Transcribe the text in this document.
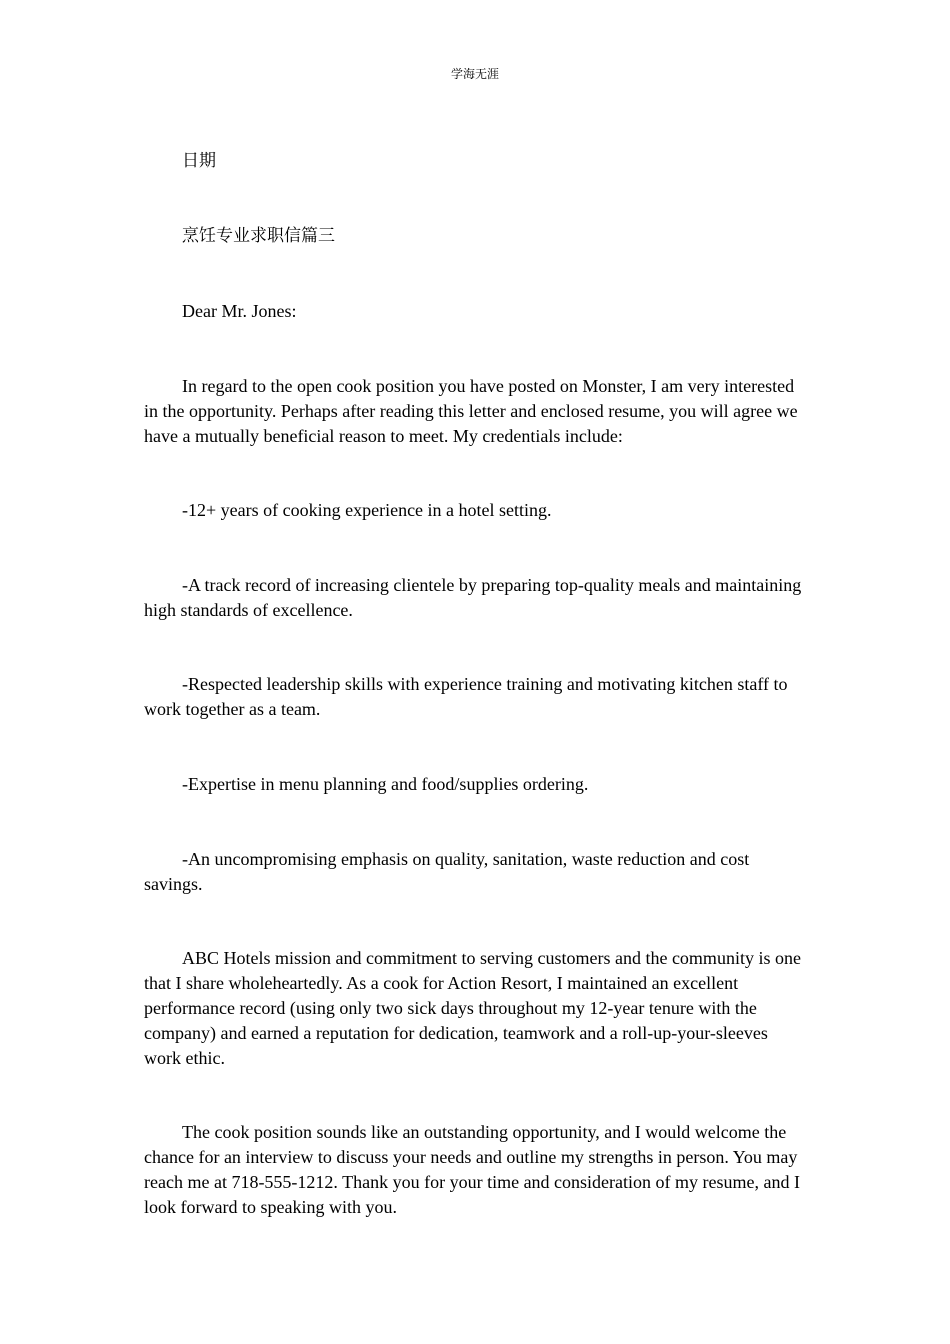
学海无涯

日期

烹饪专业求职信篇三

Dear Mr. Jones:

In regard to the open cook position you have posted on Monster, I am very interested in the opportunity. Perhaps after reading this letter and enclosed resume, you will agree we have a mutually beneficial reason to meet. My credentials include:

-12+ years of cooking experience in a hotel setting.

-A track record of increasing clientele by preparing top-quality meals and maintaining high standards of excellence.

-Respected leadership skills with experience training and motivating kitchen staff to work together as a team.

-Expertise in menu planning and food/supplies ordering.

-An uncompromising emphasis on quality, sanitation, waste reduction and cost savings.

ABC Hotels mission and commitment to serving customers and the community is one that I share wholeheartedly. As a cook for Action Resort, I maintained an excellent performance record (using only two sick days throughout my 12-year tenure with the company) and earned a reputation for dedication, teamwork and a roll-up-your-sleeves work ethic.

The cook position sounds like an outstanding opportunity, and I would welcome the chance for an interview to discuss your needs and outline my strengths in person. You may reach me at 718-555-1212. Thank you for your time and consideration of my resume, and I look forward to speaking with you.
